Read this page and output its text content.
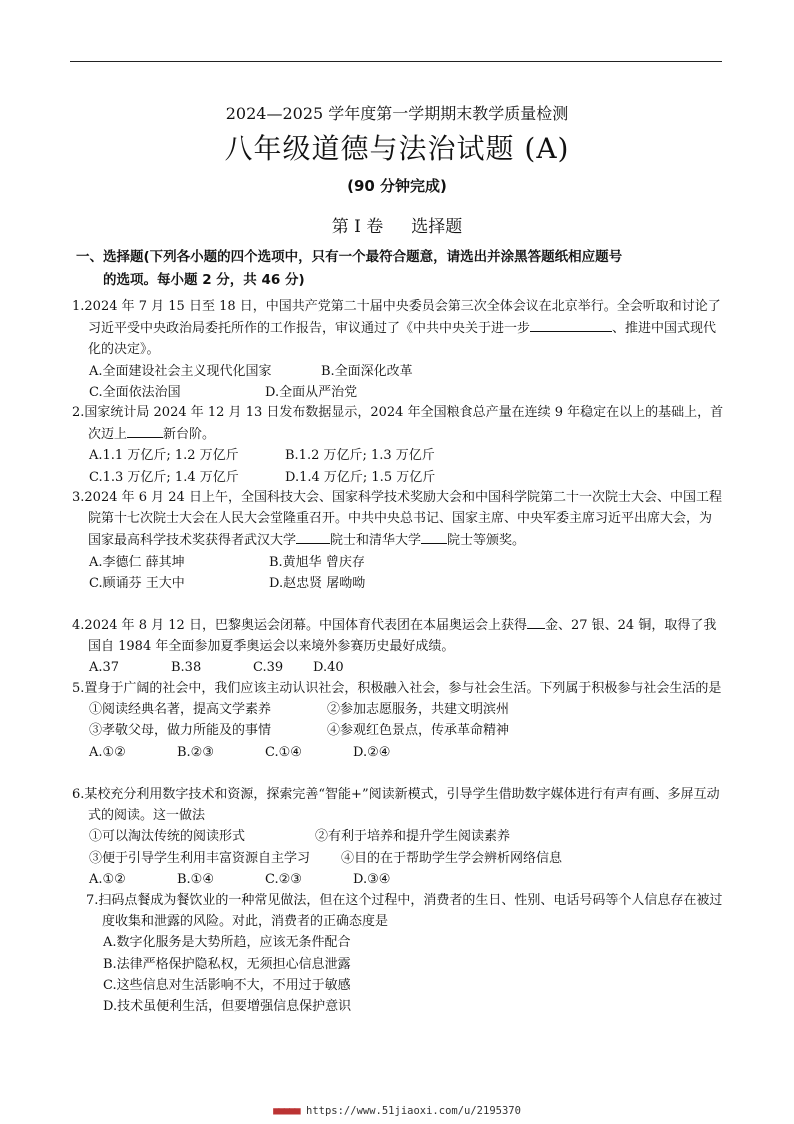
2024—2025 学年度第一学期期末教学质量检测
八年级道德与法治试题 (A)
(90 分钟完成)
第 I 卷 选择题
一、选择题(下列各小题的四个选项中，只有一个最符合题意，请选出并涂黑答题纸相应题号
的选项。每小题 2 分，共 46 分)
1.2024 年 7 月 15 日至 18 日，中国共产党第二十届中央委员会第三次全体会议在北京举行。全会听取和讨论了习近平受中央政治局委托所作的工作报告，审议通过了《中共中央关于进一步	、推进中国式现代化的决定》。
A.全面建设社会主义现代化国家	B.全面深化改革
C.全面依法治国	D.全面从严治党
2.国家统计局 2024 年 12 月 13 日发布数据显示，2024 年全国粮食总产量在连续 9 年稳定在以上的基础上，首次迈上	新台阶。
A.1.1 万亿斤; 1.2 万亿斤	B.1.2 万亿斤; 1.3 万亿斤
C.1.3 万亿斤; 1.4 万亿斤	D.1.4 万亿斤; 1.5 万亿斤
3.2024 年 6 月 24 日上午，全国科技大会、国家科学技术奖励大会和中国科学院第二十一次院士大会、中国工程院第十七次院士大会在人民大会堂隆重召开。中共中央总书记、国家主席、中央军委主席习近平出席大会，为国家最高科学技术奖获得者武汉大学	院士和清华大学 院士等颁奖。
A.李德仁 薛其坤	B.黄旭华 曾庆存
C.顾诵芬 王大中	D.赵忠贤 屠呦呦
4.2024 年 8 月 12 日，巴黎奥运会闭幕。中国体育代表团在本届奥运会上获得 金、27 银、24 铜，取得了我国自 1984 年全面参加夏季奥运会以来境外参赛历史最好成绩。
A.37	B.38	C.39 D.40
5.置身于广阔的社会中，我们应该主动认识社会，积极融入社会，参与社会生活。下列属于积极参与社会生活的是
①阅读经典名著，提高文学素养	②参加志愿服务，共建文明滨州
③孝敬父母，做力所能及的事情	④参观红色景点，传承革命精神
A.①②	B.②③	C.①④	D.②④
6.某校充分利用数字技术和资源，探索完善“智能+”阅读新模式，引导学生借助数字媒体进行有声有画、多屏互动式的阅读。这一做法
①可以淘汰传统的阅读形式	②有利于培养和提升学生阅读素养
③便于引导学生利用丰富资源自主学习 ④目的在于帮助学生学会辨析网络信息
A.①②	B.①④	C.②③	D.③④
7.扫码点餐成为餐饮业的一种常见做法，但在这个过程中，消费者的生日、性别、电话号码等个人信息存在被过度收集和泄露的风险。对此，消费者的正确态度是
A.数字化服务是大势所趋，应该无条件配合
B.法律严格保护隐私权，无须担心信息泄露
C.这些信息对生活影响不大，不用过于敏感
D.技术虽便利生活，但要增强信息保护意识
■■■■■ https://www.51jiaoxi.com/u/2195370
